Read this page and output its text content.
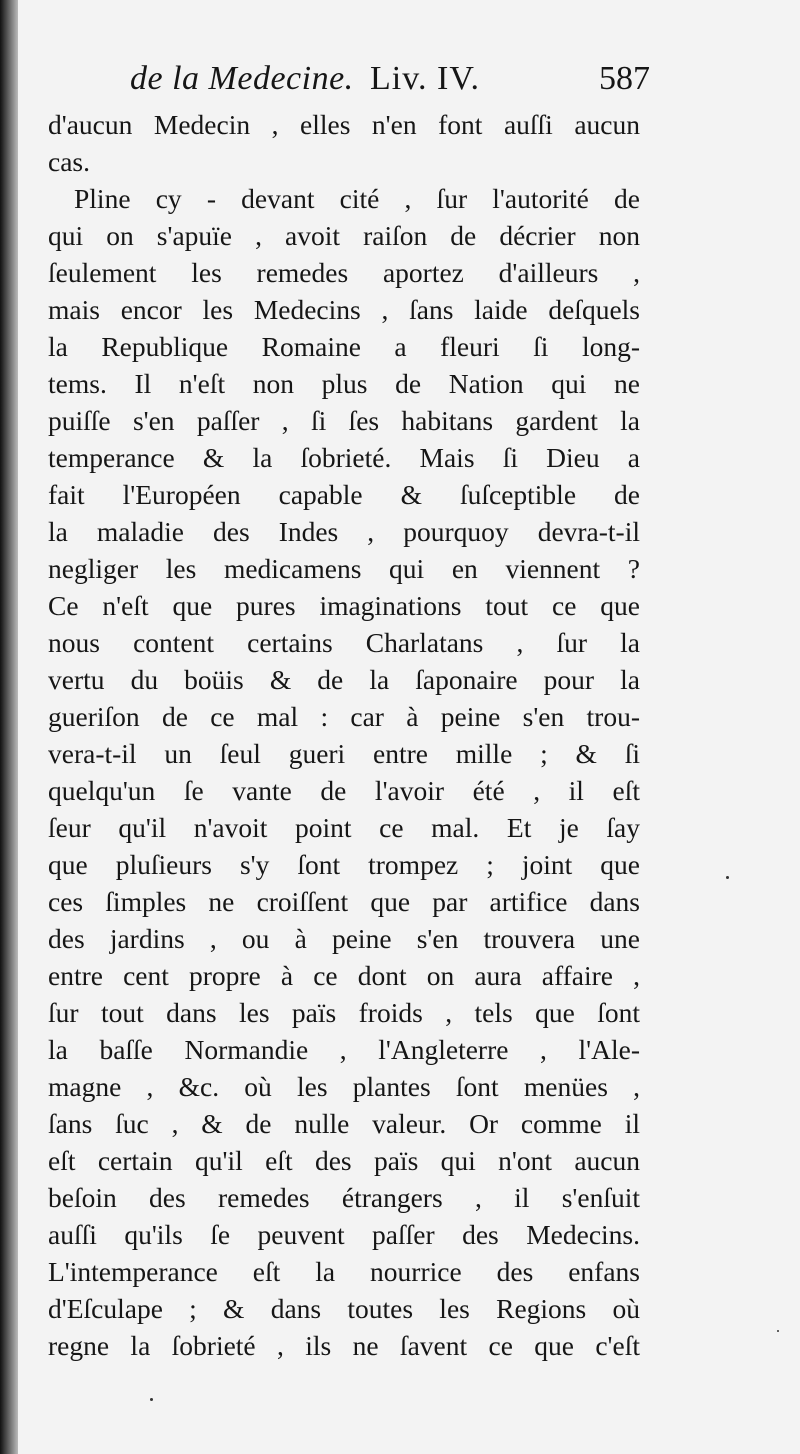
de la Medecine. Liv. IV.	587
d'aucun Medecin , elles n'en font auſſi aucun
cas.
Pline cy - devant cité , ſur l'autorité de
qui on s'apuïe , avoit raiſon de décrier non
ſeulement les remedes aportez d'ailleurs ,
mais encor les Medecins , ſans laide deſquels
la Republique Romaine a fleuri ſi long-
tems. Il n'eſt non plus de Nation qui ne
puiſſe s'en paſſer , ſi ſes habitans gardent la
temperance & la ſobrieté. Mais ſi Dieu a
fait l'Européen capable & ſuſceptible de
la maladie des Indes , pourquoy devra-t-il
negliger les medicamens qui en viennent ?
Ce n'eſt que pures imaginations tout ce que
nous content certains Charlatans , ſur la
vertu du boüis & de la ſaponaire pour la
gueriſon de ce mal : car à peine s'en trou-
vera-t-il un ſeul gueri entre mille ; & ſi
quelqu'un ſe vante de l'avoir été , il eſt
ſeur qu'il n'avoit point ce mal. Et je ſay
que pluſieurs s'y ſont trompez ; joint que
ces ſimples ne croiſſent que par artifice dans
des jardins , ou à peine s'en trouvera une
entre cent propre à ce dont on aura affaire ,
ſur tout dans les païs froids , tels que ſont
la baſſe Normandie , l'Angleterre , l'Ale-
magne , &c. où les plantes ſont menües ,
ſans ſuc , & de nulle valeur. Or comme il
eſt certain qu'il eſt des païs qui n'ont aucun
beſoin des remedes étrangers , il s'enſuit
auſſi qu'ils ſe peuvent paſſer des Medecins.
L'intemperance eſt la nourrice des enfans
d'Eſculape ; & dans toutes les Regions où
regne la ſobrieté , ils ne ſavent ce que c'eſt
